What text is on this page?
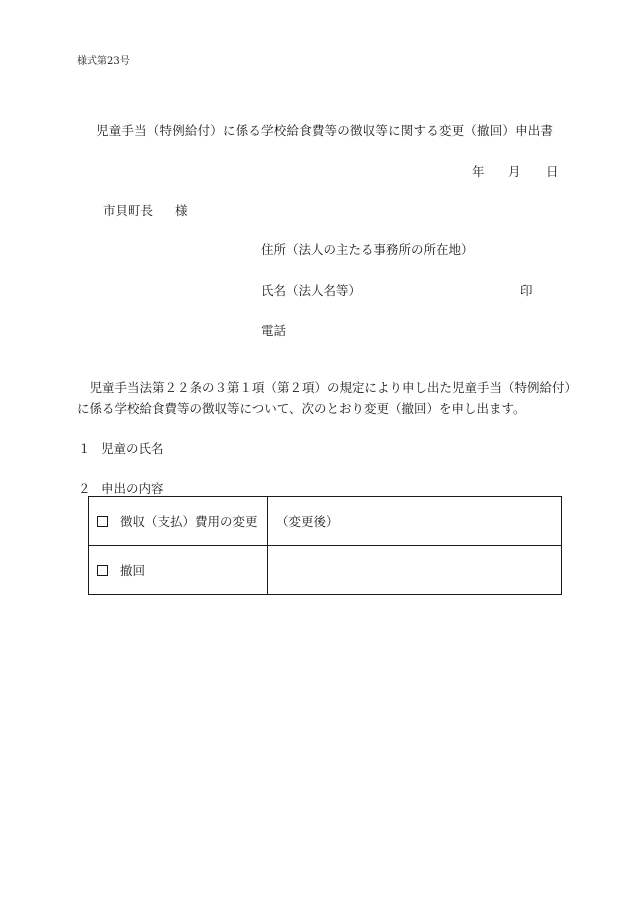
様式第23号
児童手当（特例給付）に係る学校給食費等の徴収等に関する変更（撤回）申出書
年 月 日
市貝町長 様
住所（法人の主たる事務所の所在地）
氏名（法人名等）	印
電話
　児童手当法第２２条の３第１項（第２項）の規定により申し出た児童手当（特例給付）
に係る学校給食費等の徴収等について、次のとおり変更（撤回）を申し出ます。
１ 児童の氏名
２ 申出の内容
徴収（支払）費用の変更	（変更後）
撤回	
